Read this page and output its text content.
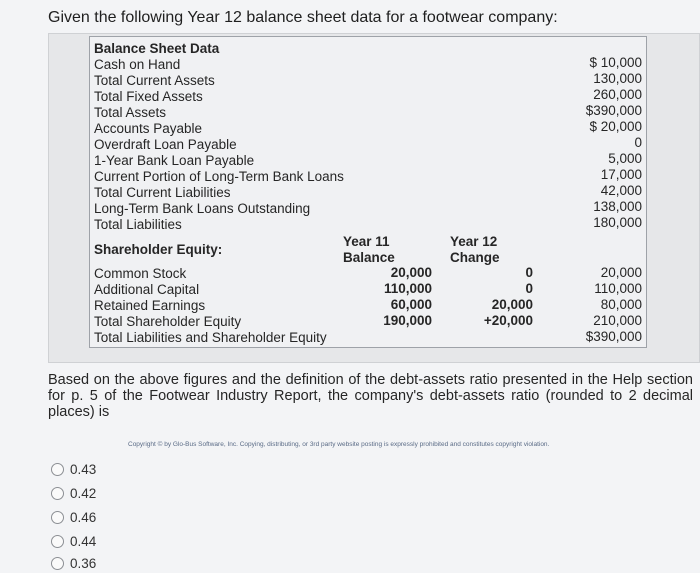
Given the following Year 12 balance sheet data for a footwear company:
Balance Sheet Data
Cash on Hand
Total Current Assets
Total Fixed Assets
Total Assets
Accounts Payable
Overdraft Loan Payable
1-Year Bank Loan Payable
Current Portion of Long-Term Bank Loans
Total Current Liabilities
Long-Term Bank Loans Outstanding
Total Liabilities
$ 10,000
130,000
260,000
$390,000
$ 20,000
0
5,000
17,000
42,000
138,000
180,000
Shareholder Equity:
Year 11
Balance
Year 12
Change
Common Stock
Additional Capital
Retained Earnings
Total Shareholder Equity
Total Liabilities and Shareholder Equity
20,000
110,000
60,000
190,000
0
0
20,000
+20,000
20,000
110,000
80,000
210,000
$390,000
Based on the above figures and the definition of the debt-assets ratio presented in the Help section for p. 5 of the Footwear Industry Report, the company's debt-assets ratio (rounded to 2 decimal places) is
Copyright © by Glo-Bus Software, Inc. Copying, distributing, or 3rd party website posting is expressly prohibited and constitutes copyright violation.
0.43
0.42
0.46
0.44
0.36
